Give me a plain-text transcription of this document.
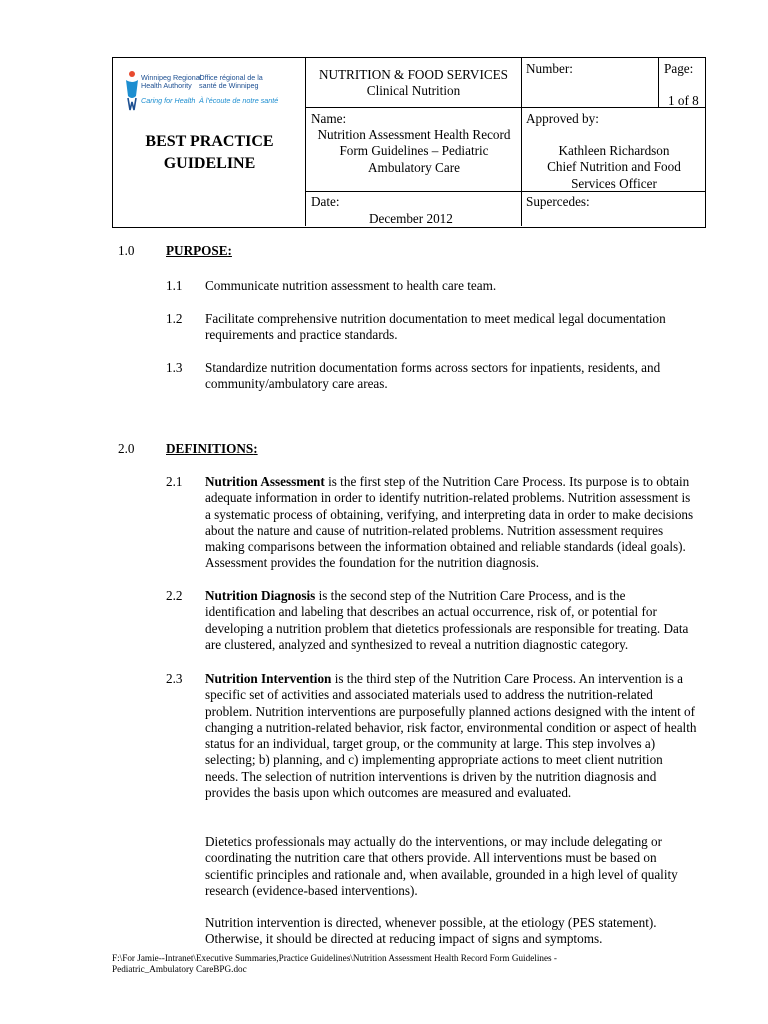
Winnipeg Regional
Health Authority
Office régional de la
santé de Winnipeg
Caring for Health À l'écoute de notre santé
BEST PRACTICE
GUIDELINE
NUTRITION & FOOD SERVICES
Clinical Nutrition
Number:	Page:
1 of 8
Name:
Nutrition Assessment Health Record Form Guidelines – Pediatric Ambulatory Care
Approved by:
Kathleen Richardson
Chief Nutrition and Food Services Officer
Date:
December 2012
Supercedes:
1.0 PURPOSE:
1.1 Communicate nutrition assessment to health care team.
1.2 Facilitate comprehensive nutrition documentation to meet medical legal documentation requirements and practice standards.
1.3 Standardize nutrition documentation forms across sectors for inpatients, residents, and community/ambulatory care areas.
2.0 DEFINITIONS:
2.1 Nutrition Assessment is the first step of the Nutrition Care Process. Its purpose is to obtain adequate information in order to identify nutrition-related problems. Nutrition assessment is a systematic process of obtaining, verifying, and interpreting data in order to make decisions about the nature and cause of nutrition-related problems. Nutrition assessment requires making comparisons between the information obtained and reliable standards (ideal goals). Assessment provides the foundation for the nutrition diagnosis.
2.2 Nutrition Diagnosis is the second step of the Nutrition Care Process, and is the identification and labeling that describes an actual occurrence, risk of, or potential for developing a nutrition problem that dietetics professionals are responsible for treating. Data are clustered, analyzed and synthesized to reveal a nutrition diagnostic category.
2.3 Nutrition Intervention is the third step of the Nutrition Care Process. An intervention is a specific set of activities and associated materials used to address the nutrition-related problem. Nutrition interventions are purposefully planned actions designed with the intent of changing a nutrition-related behavior, risk factor, environmental condition or aspect of health status for an individual, target group, or the community at large. This step involves a) selecting; b) planning, and c) implementing appropriate actions to meet client nutrition needs. The selection of nutrition interventions is driven by the nutrition diagnosis and provides the basis upon which outcomes are measured and evaluated.
Dietetics professionals may actually do the interventions, or may include delegating or coordinating the nutrition care that others provide. All interventions must be based on scientific principles and rationale and, when available, grounded in a high level of quality research (evidence-based interventions).
Nutrition intervention is directed, whenever possible, at the etiology (PES statement). Otherwise, it should be directed at reducing impact of signs and symptoms.
F:\For Jamie--Intranet\Executive Summaries,Practice Guidelines\Nutrition Assessment Health Record Form Guidelines -
Pediatric_Ambulatory CareBPG.doc
